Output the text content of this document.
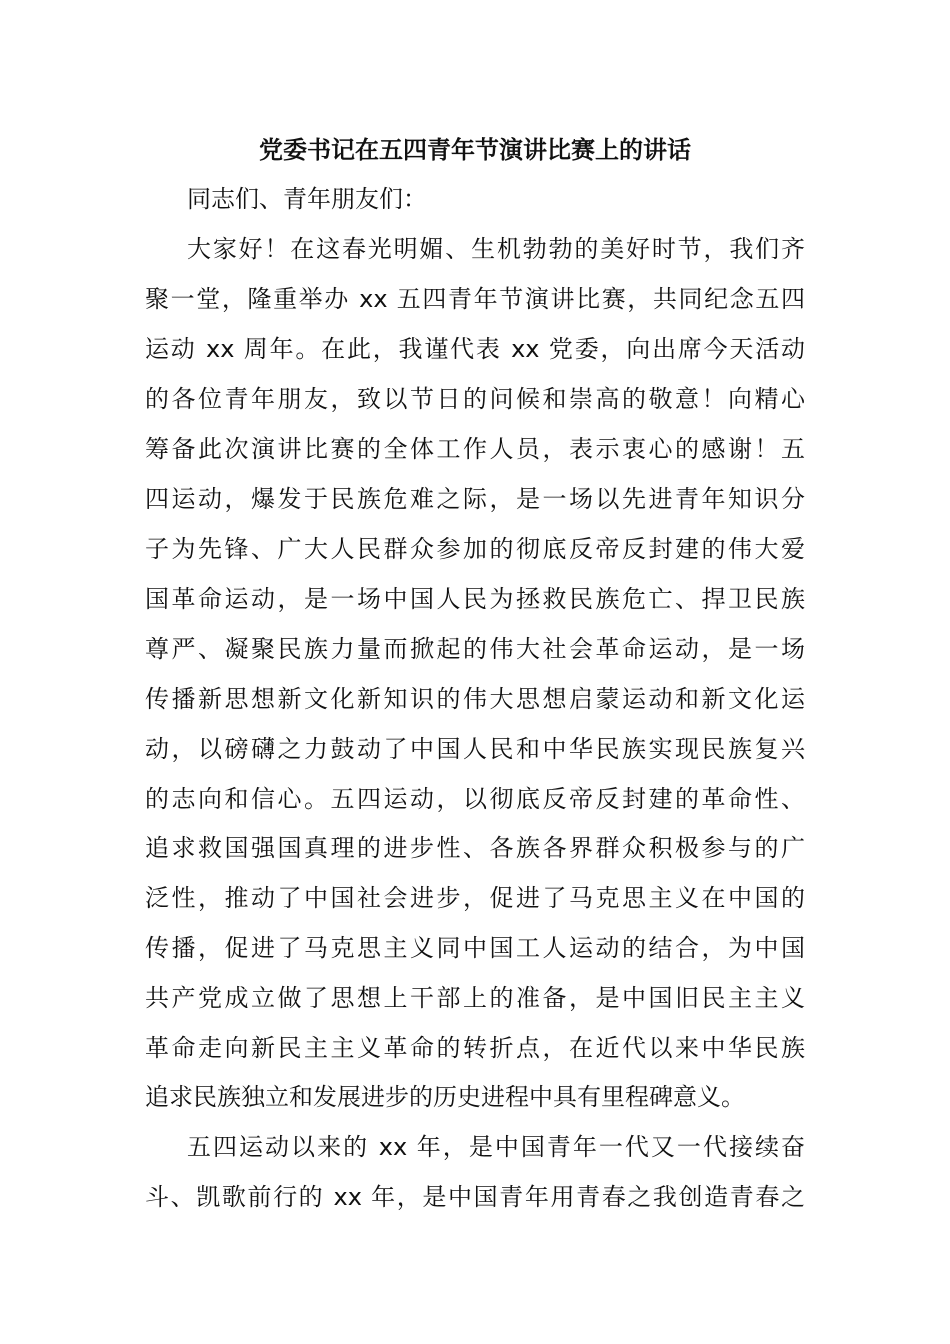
党委书记在五四青年节演讲比赛上的讲话
同志们、青年朋友们：
大家好！在这春光明媚、生机勃勃的美好时节，我们齐
聚一堂，隆重举办 xx 五四青年节演讲比赛，共同纪念五四
运动 xx 周年。在此，我谨代表 xx 党委，向出席今天活动
的各位青年朋友，致以节日的问候和崇高的敬意！向精心
筹备此次演讲比赛的全体工作人员，表示衷心的感谢！五
四运动，爆发于民族危难之际，是一场以先进青年知识分
子为先锋、广大人民群众参加的彻底反帝反封建的伟大爱
国革命运动，是一场中国人民为拯救民族危亡、捍卫民族
尊严、凝聚民族力量而掀起的伟大社会革命运动，是一场
传播新思想新文化新知识的伟大思想启蒙运动和新文化运
动，以磅礴之力鼓动了中国人民和中华民族实现民族复兴
的志向和信心。五四运动，以彻底反帝反封建的革命性、
追求救国强国真理的进步性、各族各界群众积极参与的广
泛性，推动了中国社会进步，促进了马克思主义在中国的
传播，促进了马克思主义同中国工人运动的结合，为中国
共产党成立做了思想上干部上的准备，是中国旧民主主义
革命走向新民主主义革命的转折点，在近代以来中华民族
追求民族独立和发展进步的历史进程中具有里程碑意义。
五四运动以来的 xx 年，是中国青年一代又一代接续奋
斗、凯歌前行的 xx 年，是中国青年用青春之我创造青春之
